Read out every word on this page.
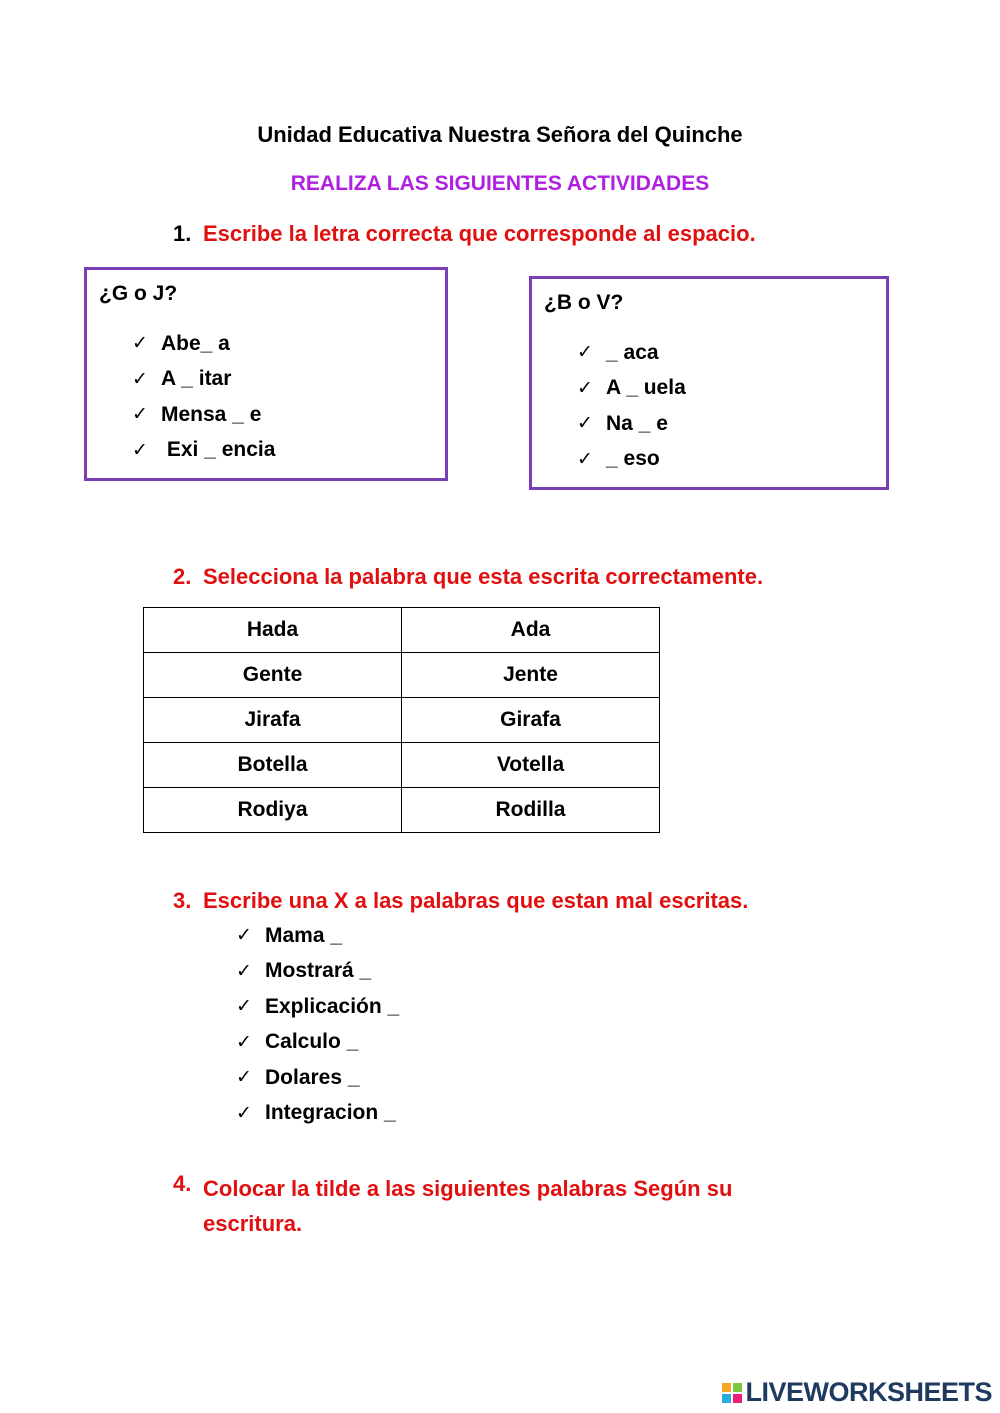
Unidad Educativa Nuestra Señora del Quinche
REALIZA LAS SIGUIENTES ACTIVIDADES
1. Escribe la letra correcta que corresponde al espacio.
¿G o J?
✓ Abe_ a
✓ A _ itar
✓ Mensa _ e
✓ Exi _ encia
¿B o V?
✓ _ aca
✓ A _ uela
✓ Na _ e
✓ _ eso
2. Selecciona la palabra que esta escrita correctamente.
Hada	Ada
Gente	Jente
Jirafa	Girafa
Botella	Votella
Rodiya	Rodilla
3. Escribe una X a las palabras que estan mal escritas.
✓ Mama _
✓ Mostrará _
✓ Explicación _
✓ Calculo _
✓ Dolares _
✓ Integracion _
4. Colocar la tilde a las siguientes palabras Según su
escritura.
LIVEWORKSHEETS
